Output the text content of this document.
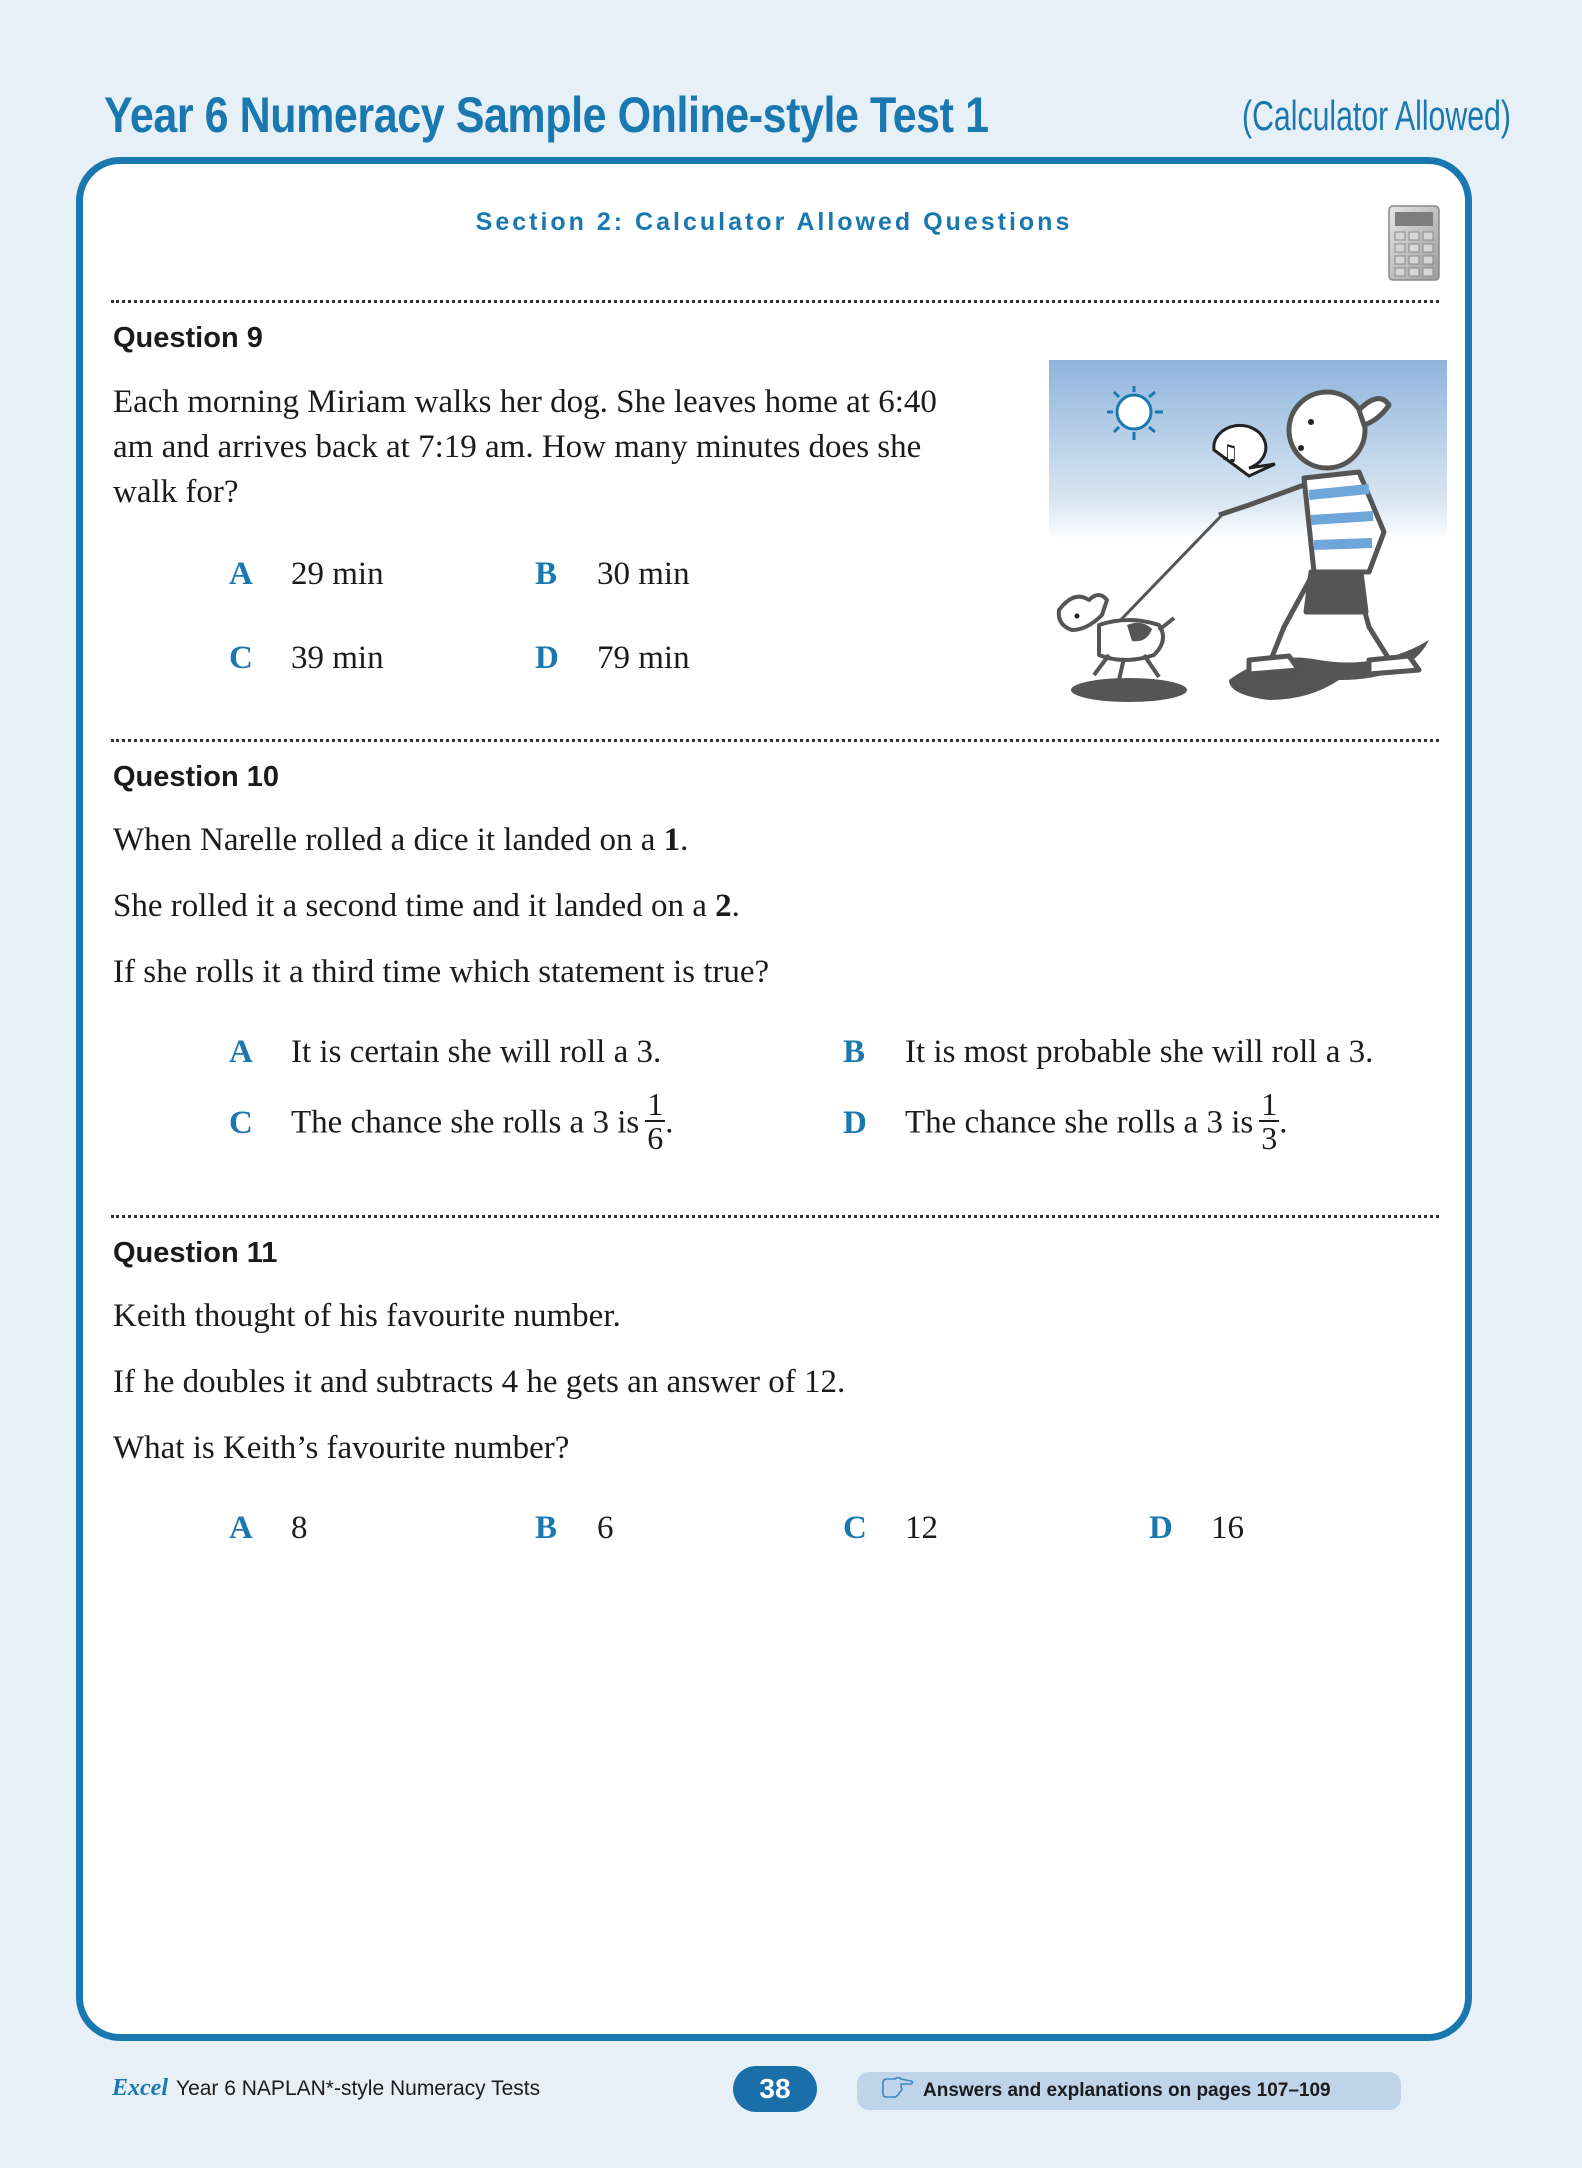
Year 6 Numeracy Sample Online-style Test 1	(Calculator Allowed)
Section 2: Calculator Allowed Questions
Question 9
Each morning Miriam walks her dog. She leaves home at 6:40 am and arrives back at 7:19 am. How many minutes does she walk for?
A 29 min	B 30 min
C 39 min	D 79 min
♫
Question 10
When Narelle rolled a dice it landed on a 1.
She rolled it a second time and it landed on a 2.
If she rolls it a third time which statement is true?
A It is certain she will roll a 3.	B It is most probable she will roll a 3.
C The chance she rolls a 3 is $\frac{1}{6}$ .	D The chance she rolls a 3 is $\frac{1}{3}$ .
Question 11
Keith thought of his favourite number.
If he doubles it and subtracts 4 he gets an answer of 12.
What is Keith’s favourite number?
A 8	B 6	C 12	D 16
Excel Year 6 NAPLAN*-style Numeracy Tests	38	Answers and explanations on pages 107–109
